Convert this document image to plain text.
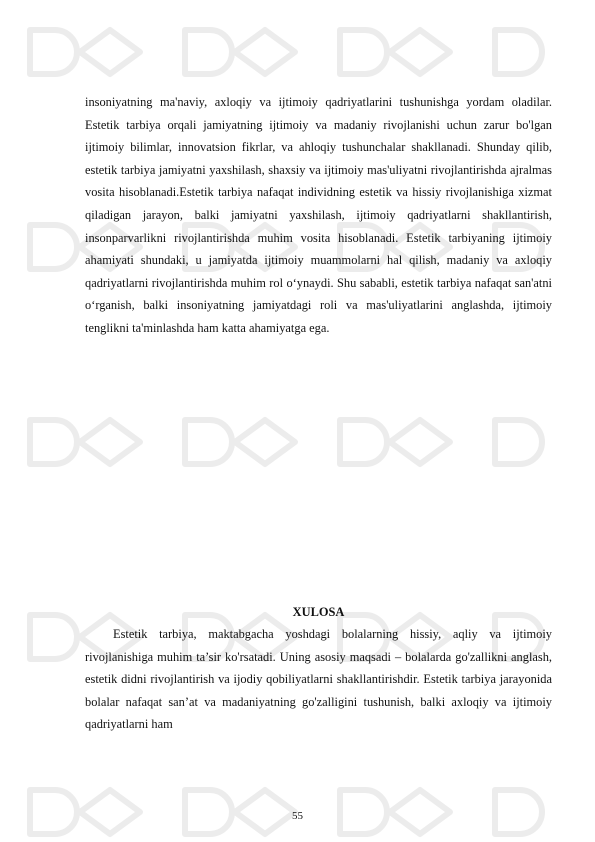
insoniyatning ma'naviy, axloqiy va ijtimoiy qadriyatlarini tushunishga yordam oladilar. Estetik tarbiya orqali jamiyatning ijtimoiy va madaniy rivojlanishi uchun zarur bo'lgan ijtimoiy bilimlar, innovatsion fikrlar, va ahloqiy tushunchalar shakllanadi. Shunday qilib, estetik tarbiya jamiyatni yaxshilash, shaxsiy va ijtimoiy mas'uliyatni rivojlantirishda ajralmas vosita hisoblanadi.Estetik tarbiya nafaqat individning estetik va hissiy rivojlanishiga xizmat qiladigan jarayon, balki jamiyatni yaxshilash, ijtimoiy qadriyatlarni shakllantirish, insonparvarlikni rivojlantirishda muhim vosita hisoblanadi. Estetik tarbiyaning ijtimoiy ahamiyati shundaki, u jamiyatda ijtimoiy muammolarni hal qilish, madaniy va axloqiy qadriyatlarni rivojlantirishda muhim rol o‘ynaydi. Shu sababli, estetik tarbiya nafaqat san'atni o‘rganish, balki insoniyatning jamiyatdagi roli va mas'uliyatlarini anglashda, ijtimoiy tenglikni ta'minlashda ham katta ahamiyatga ega.

XULOSA

Estetik tarbiya, maktabgacha yoshdagi bolalarning hissiy, aqliy va ijtimoiy rivojlanishiga muhim ta’sir ko'rsatadi. Uning asosiy maqsadi – bolalarda go'zallikni anglash, estetik didni rivojlantirish va ijodiy qobiliyatlarni shakllantirishdir. Estetik tarbiya jarayonida bolalar nafaqat san’at va madaniyatning go'zalligini tushunish, balki axloqiy va ijtimoiy qadriyatlarni ham

55
